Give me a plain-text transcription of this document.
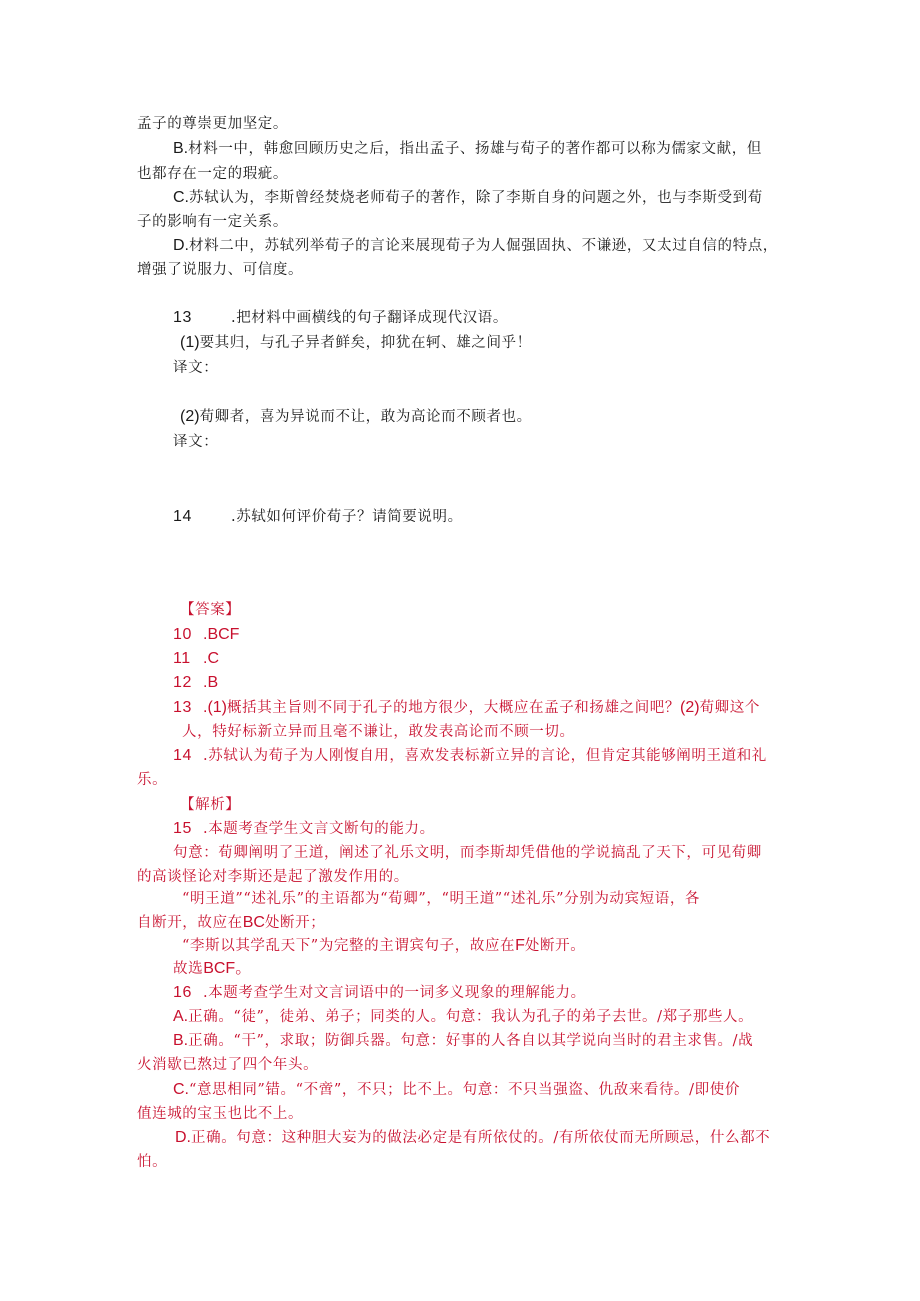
孟子的尊崇更加坚定。
B.材料一中，韩愈回顾历史之后，指出孟子、扬雄与荀子的著作都可以称为儒家文献，但
也都存在一定的瑕疵。
C.苏轼认为，李斯曾经焚烧老师荀子的著作，除了李斯自身的问题之外，也与李斯受到荀
子的影响有一定关系。
D.材料二中，苏轼列举荀子的言论来展现荀子为人倔强固执、不谦逊，又太过自信的特点，
增强了说服力、可信度。
13	.把材料中画横线的句子翻译成现代汉语。
(1)要其归，与孔子异者鲜矣，抑犹在轲、雄之间乎！
译文：
(2)荀卿者，喜为异说而不让，敢为高论而不顾者也。
译文：
14	.苏轼如何评价荀子？请简要说明。
【答案】
10 .BCF
11 .C
12 .B
13 .(1)概括其主旨则不同于孔子的地方很少，大概应在孟子和扬雄之间吧？(2)荀卿这个
人，特好标新立异而且毫不谦让，敢发表高论而不顾一切。
14 .苏轼认为荀子为人刚愎自用，喜欢发表标新立异的言论，但肯定其能够阐明王道和礼
乐。
【解析】
15 .本题考查学生文言文断句的能力。
句意：荀卿阐明了王道，阐述了礼乐文明，而李斯却凭借他的学说搞乱了天下，可见荀卿
的高谈怪论对李斯还是起了激发作用的。
“明王道”“述礼乐”的主语都为“荀卿”，“明王道”“述礼乐”分别为动宾短语，各
自断开，故应在BC处断开；
“李斯以其学乱天下”为完整的主谓宾句子，故应在F处断开。
故选BCF。
16 .本题考查学生对文言词语中的一词多义现象的理解能力。
A.正确。“徒”，徒弟、弟子；同类的人。句意：我认为孔子的弟子去世。/郑子那些人。
B.正确。“干”，求取；防御兵器。句意：好事的人各自以其学说向当时的君主求售。/战
火消歇已熬过了四个年头。
C.“意思相同”错。“不啻”，不只；比不上。句意：不只当强盗、仇敌来看待。/即使价
值连城的宝玉也比不上。
D.正确。句意：这种胆大妄为的做法必定是有所依仗的。/有所依仗而无所顾忌，什么都不
怕。
